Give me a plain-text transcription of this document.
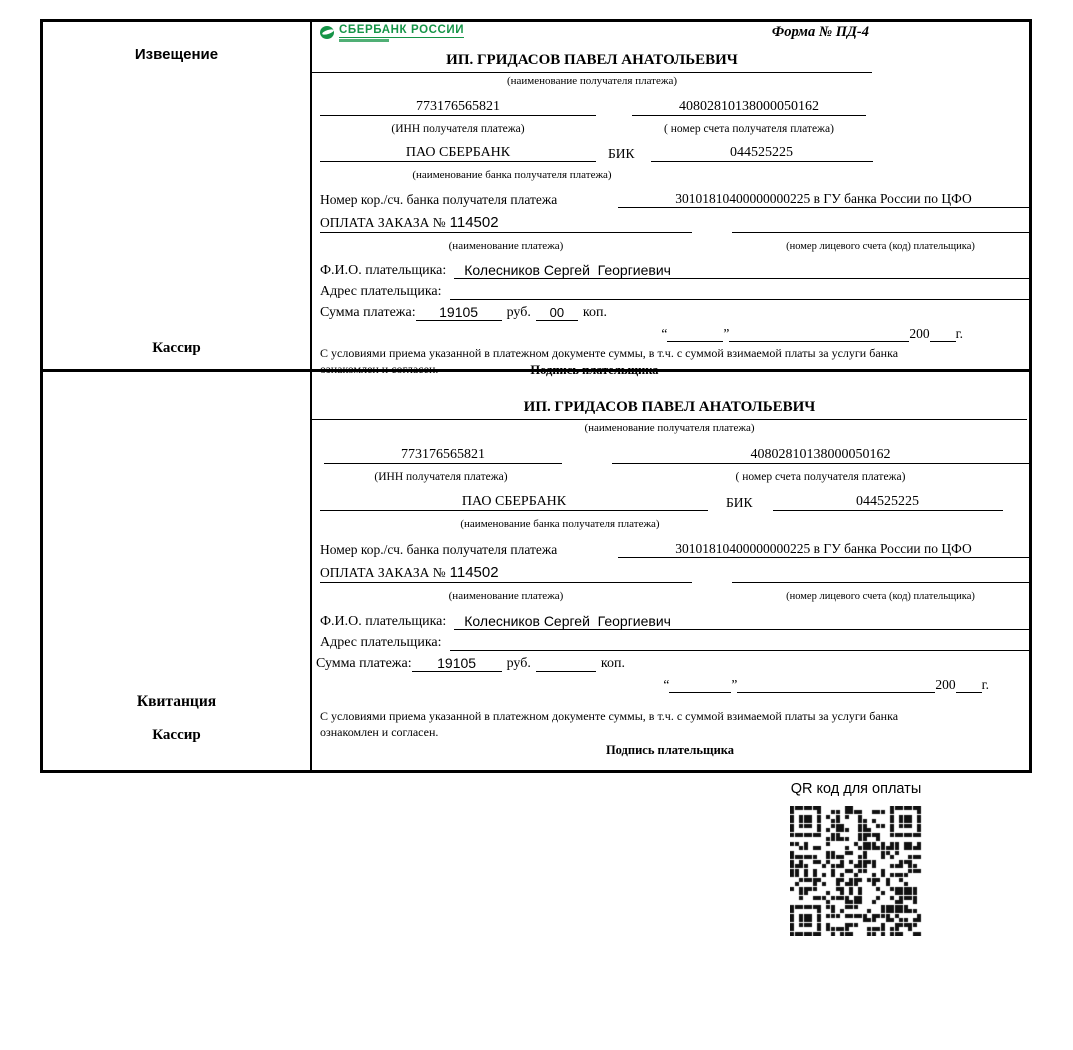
Извещение
Кассир
СБЕРБАНК РОССИИ	Форма № ПД-4
ИП. ГРИДАСОВ ПАВЕЛ АНАТОЛЬЕВИЧ
(наименование получателя платежа)
773176565821	40802810138000050162
(ИНН получателя платежа)	( номер счета получателя платежа)
ПАО СБЕРБАНК	БИК	044525225
(наименование банка получателя платежа)
Номер кор./сч. банка получателя платежа	30101810400000000225 в ГУ банка России по ЦФО
ОПЛАТА ЗАКАЗА № 114502
(наименование платежа)	(номер лицевого счета (код) плательщика)
Ф.И.О. плательщика:	Колесников Сергей  Георгиевич
Адрес плательщика:
Сумма платежа:	19105	руб.	00	коп.
“	”	200 г.
С условиями приема указанной в платежном документе суммы, в т.ч. с суммой взимаемой платы за услуги банка
ознакомлен и согласен.	Подпись плательщика
Квитанция
Кассир
ИП. ГРИДАСОВ ПАВЕЛ АНАТОЛЬЕВИЧ
(наименование получателя платежа)
773176565821	40802810138000050162
(ИНН получателя платежа)	( номер счета получателя платежа)
ПАО СБЕРБАНК	БИК	044525225
(наименование банка получателя платежа)
Номер кор./сч. банка получателя платежа	30101810400000000225 в ГУ банка России по ЦФО
ОПЛАТА ЗАКАЗА № 114502
(наименование платежа)	(номер лицевого счета (код) плательщика)
Ф.И.О. плательщика:	Колесников Сергей  Георгиевич
Адрес плательщика:
Сумма платежа:	19105	руб.	коп.
“	”	200 г.
С условиями приема указанной в платежном документе суммы, в т.ч. с суммой взимаемой платы за услуги банка
ознакомлен и согласен.
Подпись плательщика
QR код для оплаты
